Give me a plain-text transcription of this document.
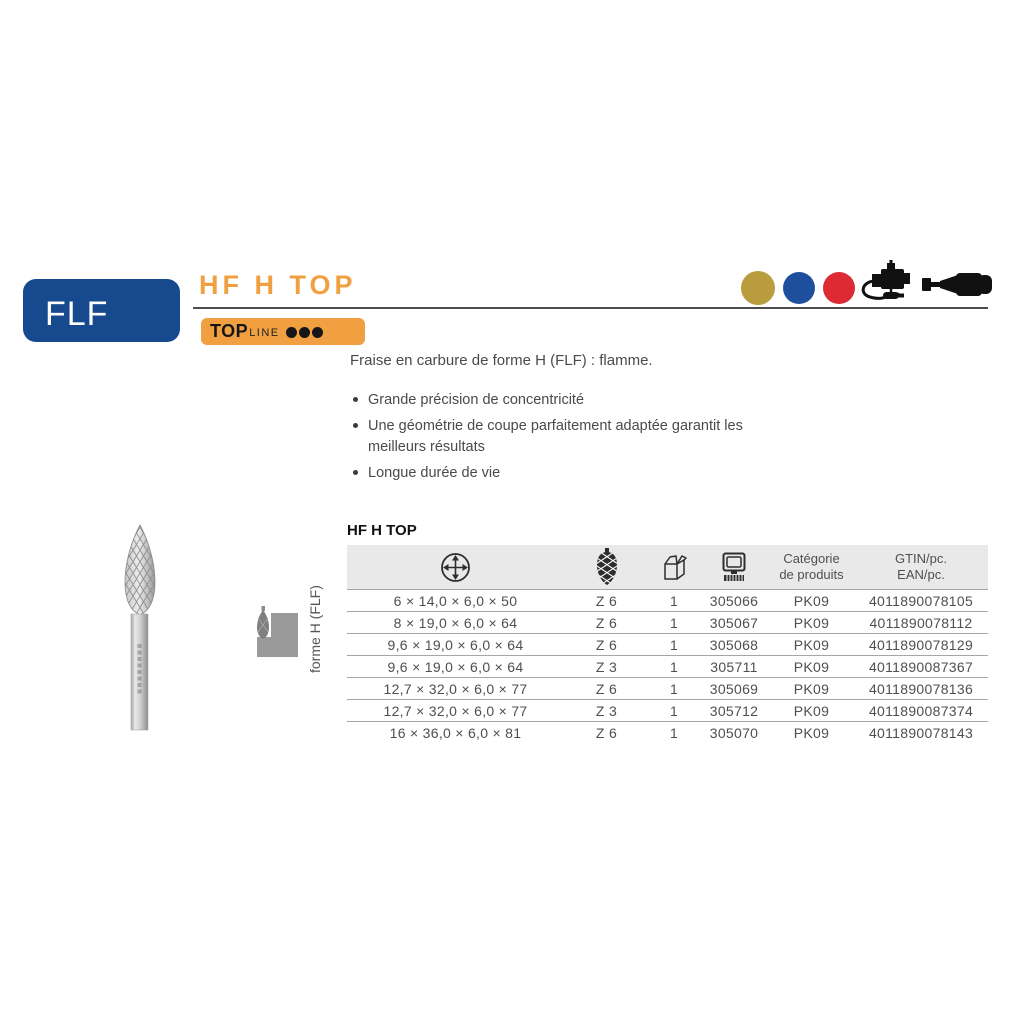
FLF
HF H TOP
TOP LINE

Fraise en carbure de forme H (FLF) : flamme.

Grande précision de concentricité
Une géométrie de coupe parfaitement adaptée garantit les meilleurs résultats
Longue durée de vie
forme H (FLF)
HF H TOP

Catégorie
de produits

GTIN/pc.
EAN/pc.

6 × 14,0 × 6,0 × 50	Z 6	1	305066	PK09	4011890078105
8 × 19,0 × 6,0 × 64	Z 6	1	305067	PK09	4011890078112
9,6 × 19,0 × 6,0 × 64	Z 6	1	305068	PK09	4011890078129
9,6 × 19,0 × 6,0 × 64	Z 3	1	305711	PK09	4011890087367
12,7 × 32,0 × 6,0 × 77	Z 6	1	305069	PK09	4011890078136
12,7 × 32,0 × 6,0 × 77	Z 3	1	305712	PK09	4011890087374
16 × 36,0 × 6,0 × 81	Z 6	1	305070	PK09	4011890078143
